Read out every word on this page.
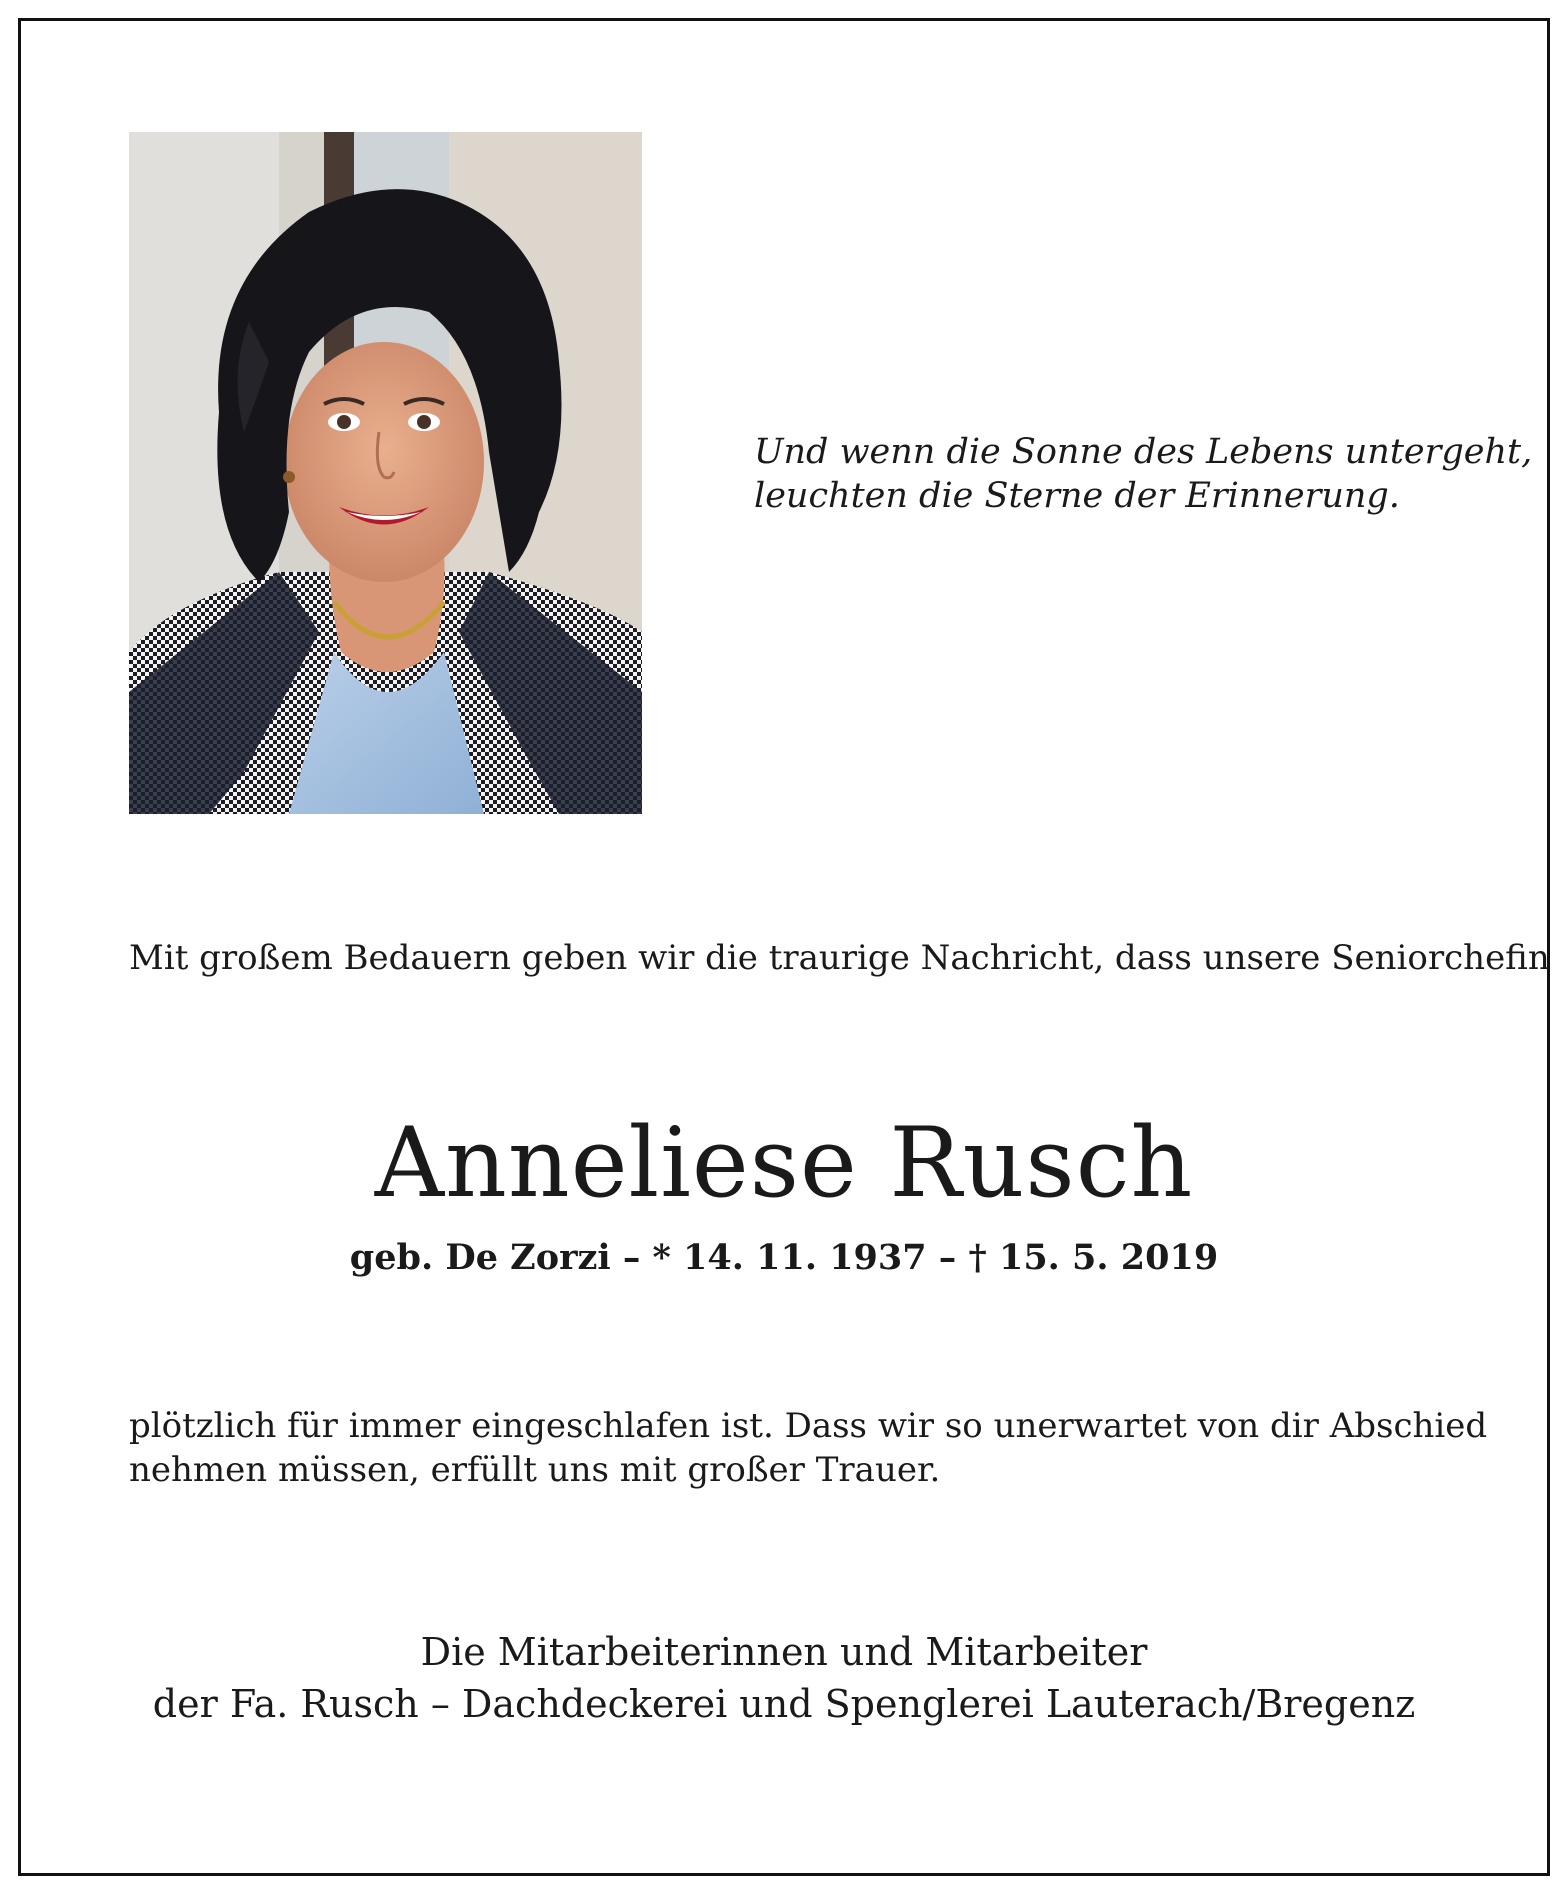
Und wenn die Sonne des Lebens untergeht,
leuchten die Sterne der Erinnerung.
Mit großem Bedauern geben wir die traurige Nachricht, dass unsere Seniorchefin
Anneliese Rusch
geb. De Zorzi – * 14. 11. 1937 – † 15. 5. 2019
plötzlich für immer eingeschlafen ist. Dass wir so unerwartet von dir Abschied
nehmen müssen, erfüllt uns mit großer Trauer.
Die Mitarbeiterinnen und Mitarbeiter
der Fa. Rusch – Dachdeckerei und Spenglerei Lauterach/Bregenz
